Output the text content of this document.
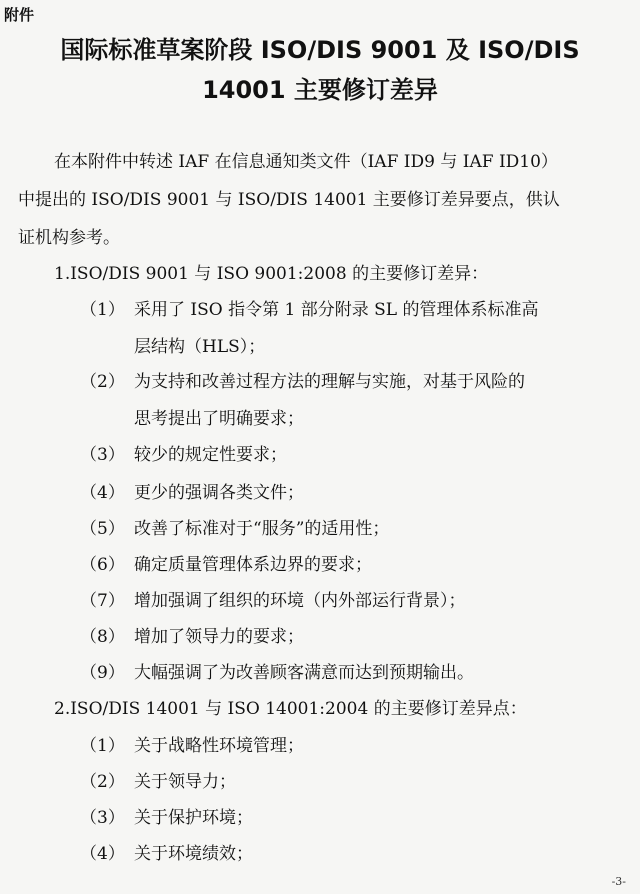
附件
国际标准草案阶段 ISO/DIS 9001 及 ISO/DIS
14001 主要修订差异
在本附件中转述 IAF 在信息通知类文件（IAF ID9 与 IAF ID10）
中提出的 ISO/DIS 9001 与 ISO/DIS 14001 主要修订差异要点，供认
证机构参考。
1.ISO/DIS 9001 与 ISO 9001:2008 的主要修订差异：
（1） 采用了 ISO 指令第 1 部分附录 SL 的管理体系标准高
层结构（HLS）；
（2） 为支持和改善过程方法的理解与实施，对基于风险的
思考提出了明确要求；
（3） 较少的规定性要求；
（4） 更少的强调各类文件；
（5） 改善了标准对于“服务”的适用性；
（6） 确定质量管理体系边界的要求；
（7） 增加强调了组织的环境（内外部运行背景）；
（8） 增加了领导力的要求；
（9） 大幅强调了为改善顾客满意而达到预期输出。
2.ISO/DIS 14001 与 ISO 14001:2004 的主要修订差异点：
（1） 关于战略性环境管理；
（2） 关于领导力；
（3） 关于保护环境；
（4） 关于环境绩效；
-3-
